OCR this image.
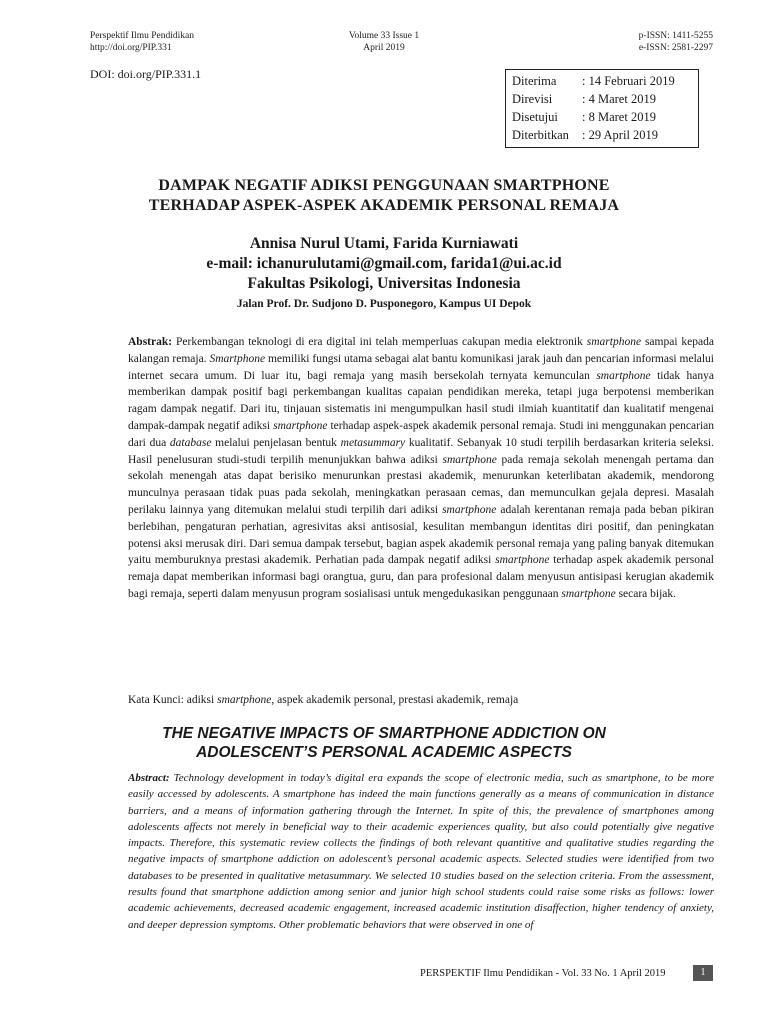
Perspektif Ilmu Pendidikan
http://doi.org/PIP.331
Volume 33 Issue 1
April 2019
p-ISSN: 1411-5255
e-ISSN: 2581-2297
DOI: doi.org/PIP.331.1	Diterima	: 14 Februari 2019
Direvisi	: 4 Maret 2019
Disetujui	: 8 Maret 2019
Diterbitkan	: 29 April 2019
DAMPAK NEGATIF ADIKSI PENGGUNAAN SMARTPHONE
TERHADAP ASPEK-ASPEK AKADEMIK PERSONAL REMAJA
Annisa Nurul Utami, Farida Kurniawati
e-mail: ichanurulutami@gmail.com, farida1@ui.ac.id
Fakultas Psikologi, Universitas Indonesia
Jalan Prof. Dr. Sudjono D. Pusponegoro, Kampus UI Depok
Abstrak: Perkembangan teknologi di era digital ini telah memperluas cakupan media elektronik smartphone sampai kepada kalangan remaja. Smartphone memiliki fungsi utama sebagai alat bantu komunikasi jarak jauh dan pencarian informasi melalui internet secara umum. Di luar itu, bagi remaja yang masih bersekolah ternyata kemunculan smartphone tidak hanya memberikan dampak positif bagi perkembangan kualitas capaian pendidikan mereka, tetapi juga berpotensi memberikan ragam dampak negatif. Dari itu, tinjauan sistematis ini mengumpulkan hasil studi ilmiah kuantitatif dan kualitatif mengenai dampak-dampak negatif adiksi smartphone terhadap aspek-aspek akademik personal remaja. Studi ini menggunakan pencarian dari dua database melalui penjelasan bentuk metasummary kualitatif. Sebanyak 10 studi terpilih berdasarkan kriteria seleksi. Hasil penelusuran studi-studi terpilih menunjukkan bahwa adiksi smartphone pada remaja sekolah menengah pertama dan sekolah menengah atas dapat berisiko menurunkan prestasi akademik, menurunkan keterlibatan akademik, mendorong munculnya perasaan tidak puas pada sekolah, meningkatkan perasaan cemas, dan memunculkan gejala depresi. Masalah perilaku lainnya yang ditemukan melalui studi terpilih dari adiksi smartphone adalah kerentanan remaja pada beban pikiran berlebihan, pengaturan perhatian, agresivitas aksi antisosial, kesulitan membangun identitas diri positif, dan peningkatan potensi aksi merusak diri. Dari semua dampak tersebut, bagian aspek akademik personal remaja yang paling banyak ditemukan yaitu memburuknya prestasi akademik. Perhatian pada dampak negatif adiksi smartphone terhadap aspek akademik personal remaja dapat memberikan informasi bagi orangtua, guru, dan para profesional dalam menyusun antisipasi kerugian akademik bagi remaja, seperti dalam menyusun program sosialisasi untuk mengedukasikan penggunaan smartphone secara bijak.
Kata Kunci: adiksi smartphone, aspek akademik personal, prestasi akademik, remaja
THE NEGATIVE IMPACTS OF SMARTPHONE ADDICTION ON
ADOLESCENT’S PERSONAL ACADEMIC ASPECTS
Abstract: Technology development in today’s digital era expands the scope of electronic media, such as smartphone, to be more easily accessed by adolescents. A smartphone has indeed the main functions generally as a means of communication in distance barriers, and a means of information gathering through the Internet. In spite of this, the prevalence of smartphones among adolescents affects not merely in beneficial way to their academic experiences quality, but also could potentially give negative impacts. Therefore, this systematic review collects the findings of both relevant quantitive and qualitative studies regarding the negative impacts of smartphone addiction on adolescent’s personal academic aspects. Selected studies were identified from two databases to be presented in qualitative metasummary. We selected 10 studies based on the selection criteria. From the assessment, results found that smartphone addiction among senior and junior high school students could raise some risks as follows: lower academic achievements, decreased academic engagement, increased academic institution disaffection, higher tendency of anxiety, and deeper depression symptoms. Other problematic behaviors that were observed in one of
PERSPEKTIF Ilmu Pendidikan - Vol. 33 No. 1 April 2019	1
